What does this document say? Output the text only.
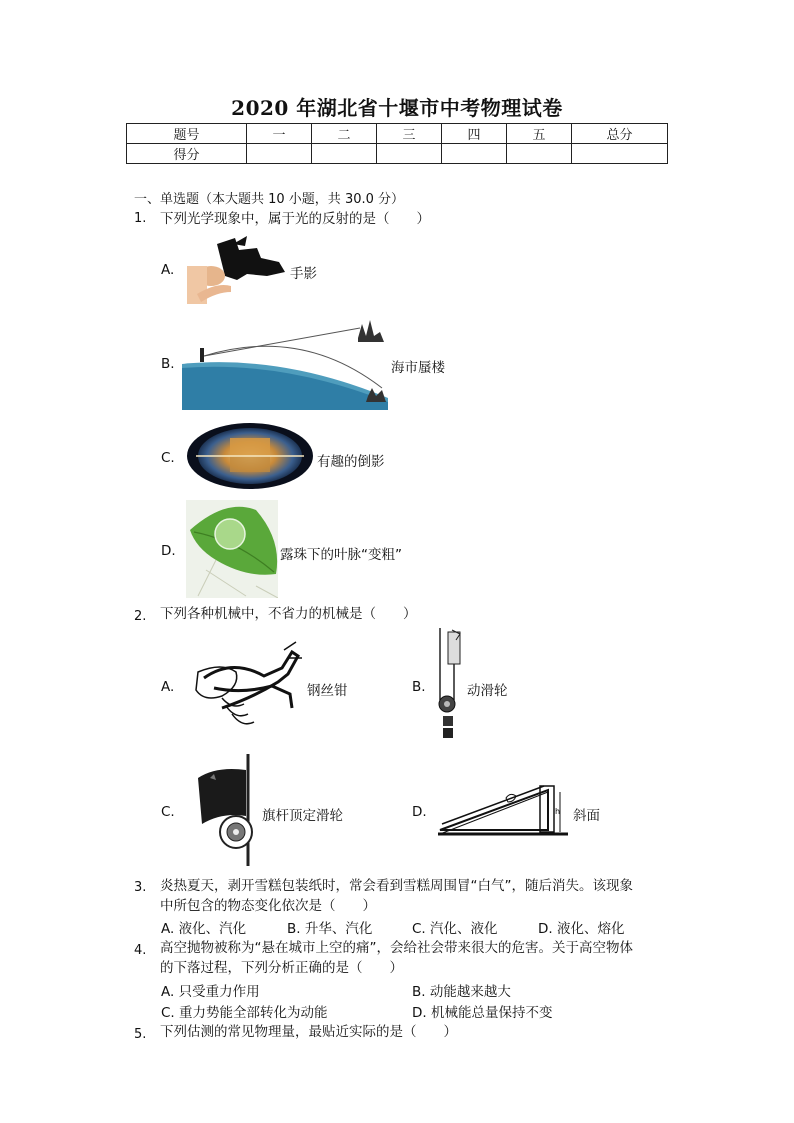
2020 年湖北省十堰市中考物理试卷
题号	一	二	三	四	五	总分
得分						
一、单选题（本大题共 10 小题，共 30.0 分）
1. 下列光学现象中，属于光的反射的是（　　）
A.	手影
B.	海市蜃楼
C.	有趣的倒影
D.	露珠下的叶脉“变粗”
2. 下列各种机械中，不省力的机械是（　　）
A.	钢丝钳	B.	动滑轮
C.	旗杆顶定滑轮	D.	h 斜面
3. 炎热夏天，剥开雪糕包装纸时，常会看到雪糕周围冒“白气”，随后消失。该现象
中所包含的物态变化依次是（　　）
A. 液化、汽化	B. 升华、汽化	C. 汽化、液化	D. 液化、熔化
4. 高空抛物被称为“悬在城市上空的痛”，会给社会带来很大的危害。关于高空物体
的下落过程，下列分析正确的是（　　）
A. 只受重力作用	B. 动能越来越大
C. 重力势能全部转化为动能	D. 机械能总量保持不变
5. 下列估测的常见物理量，最贴近实际的是（　　）
